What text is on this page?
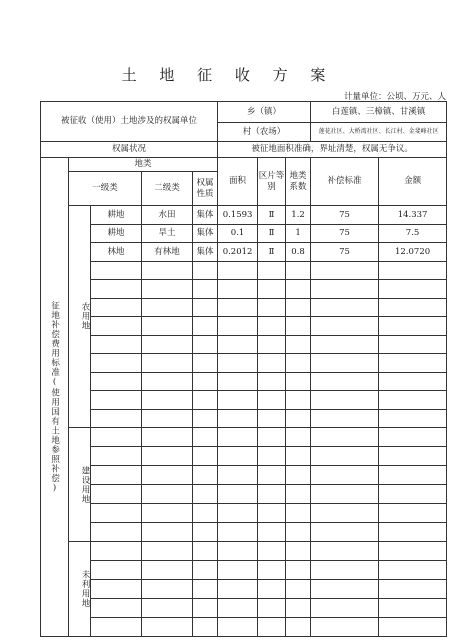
土 地 征 收 方 案
计量单位：公顷、万元、人
被征收（使用）土地涉及的权属单位					乡（镇）			白莲镇、三樟镇、甘溪镇	
					村（农场）			莲花社区、大桥湾社区、长江村、金斐峰社区	
权属状况					被征地面积准确，界址清楚，权属无争议。				
征地补偿费用标准(使用国有土地参照补偿)	地类				面积	区片等别	地类系数	补偿标准	金额
	一级类		二级类	权属性质					
	农用地	耕地	水田	集体	0.1593	Ⅱ	1.2	75	14.337
		耕地	旱土	集体	0.1	Ⅱ	1	75	7.5
		林地	有林地	集体	0.2012	Ⅱ	0.8	75	12.0720

	建设用地								

	未利用地								
